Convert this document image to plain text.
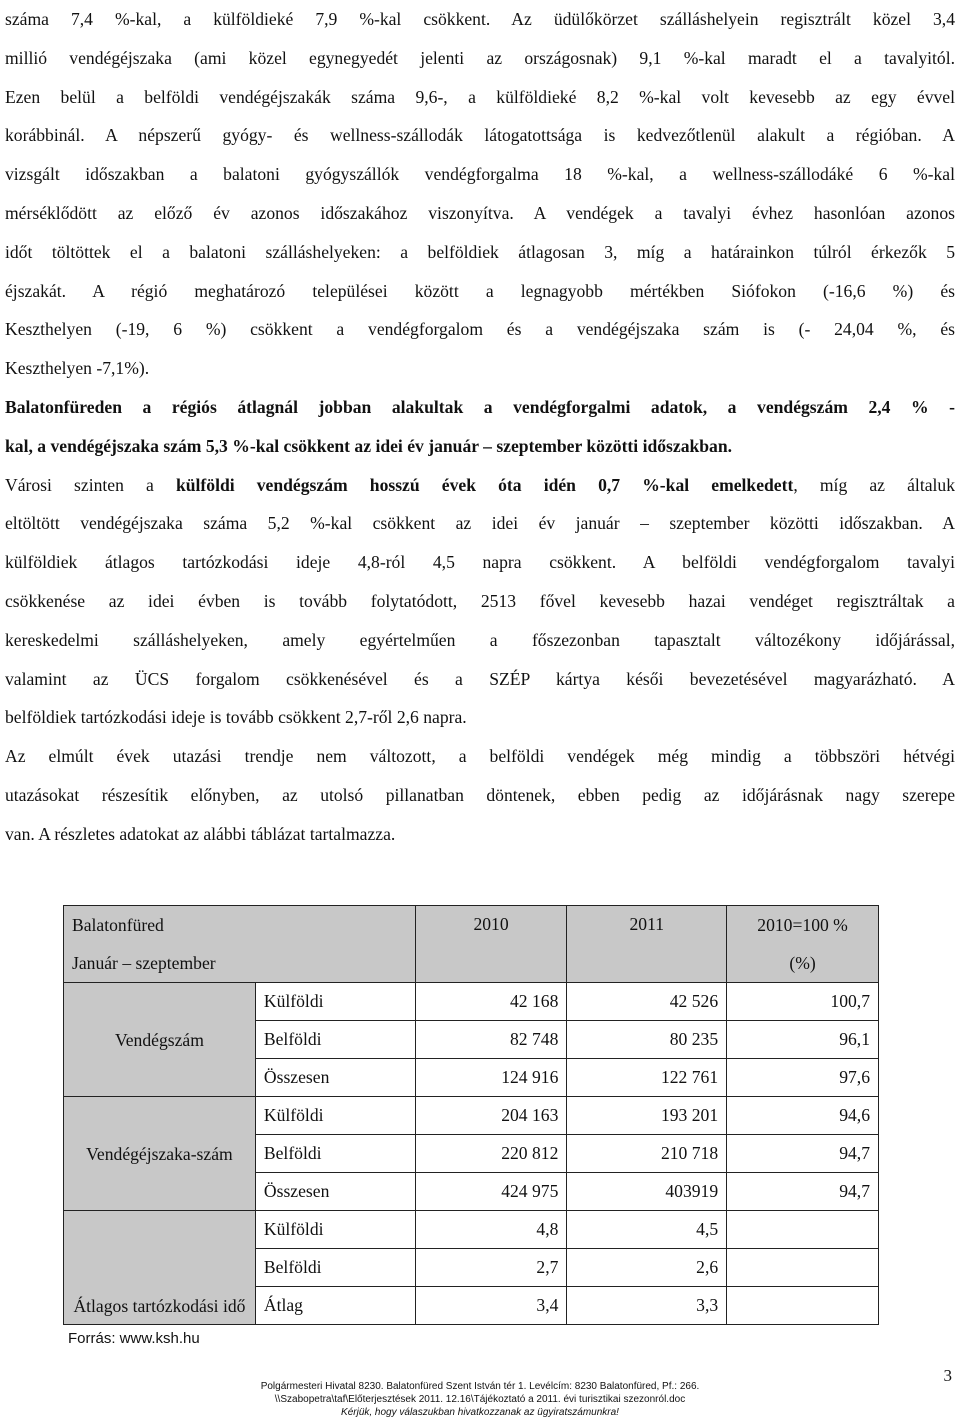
száma 7,4 %-kal, a külföldieké 7,9 %-kal csökkent. Az üdülőkörzet szálláshelyein regisztrált közel 3,4
millió vendégéjszaka (ami közel egynegyedét jelenti az országosnak) 9,1 %-kal maradt el a tavalyitól.
Ezen belül a belföldi vendégéjszakák száma 9,6-, a külföldieké 8,2 %-kal volt kevesebb az egy évvel
korábbinál. A népszerű gyógy- és wellness-szállodák látogatottsága is kedvezőtlenül alakult a régióban. A
vizsgált időszakban a balatoni gyógyszállók vendégforgalma 18 %-kal, a wellness-szállodáké 6 %-kal
mérséklődött az előző év azonos időszakához viszonyítva. A vendégek a tavalyi évhez hasonlóan azonos
időt töltöttek el a balatoni szálláshelyeken: a belföldiek átlagosan 3, míg a határainkon túlról érkezők 5
éjszakát. A régió meghatározó települései között a legnagyobb mértékben Siófokon (-16,6 %) és
Keszthelyen (-19, 6 %) csökkent a vendégforgalom és a vendégéjszaka szám is (- 24,04 %, és
Keszthelyen -7,1%).
Balatonfüreden a régiós átlagnál jobban alakultak a vendégforgalmi adatok, a vendégszám 2,4 % -
kal, a vendégéjszaka szám 5,3 %-kal csökkent az idei év január – szeptember közötti időszakban.
Városi szinten a külföldi vendégszám hosszú évek óta idén 0,7 %-kal emelkedett, míg az általuk
eltöltött vendégéjszaka száma 5,2 %-kal csökkent az idei év január – szeptember közötti időszakban. A
külföldiek átlagos tartózkodási ideje 4,8-ról 4,5 napra csökkent. A belföldi vendégforgalom tavalyi
csökkenése az idei évben is tovább folytatódott, 2513 fővel kevesebb hazai vendéget regisztráltak a
kereskedelmi szálláshelyeken, amely egyértelműen a főszezonban tapasztalt változékony időjárással,
valamint az ÜCS forgalom csökkenésével és a SZÉP kártya késői bevezetésével magyarázható. A
belföldiek tartózkodási ideje is tovább csökkent 2,7-ről 2,6 napra.
Az elmúlt évek utazási trendje nem változott, a belföldi vendégek még mindig a többszöri hétvégi
utazásokat részesítik előnyben, az utolsó pillanatban döntenek, ebben pedig az időjárásnak nagy szerepe
van. A részletes adatokat az alábbi táblázat tartalmazza.
Balatonfüred		2010	2011	2010=100 %
Január – szeptember				(%)
Vendégszám	Külföldi	42 168	42 526	100,7
	Belföldi	82 748	80 235	96,1
	Összesen	124 916	122 761	97,6
Vendégéjszaka-szám	Külföldi	204 163	193 201	94,6
	Belföldi	220 812	210 718	94,7
	Összesen	424 975	403919	94,7
Átlagos tartózkodási idő	Külföldi	4,8	4,5	
	Belföldi	2,7	2,6	
	Átlag	3,4	3,3	
Forrás: www.ksh.hu
3
Polgármesteri Hivatal 8230. Balatonfüred Szent István tér 1. Levélcím: 8230 Balatonfüred, Pf.: 266.
\\Szabopetra\taf\Előterjesztések 2011. 12.16\Tájékoztató a 2011. évi turisztikai szezonról.doc
Kérjük, hogy válaszukban hivatkozzanak az ügyiratszámunkra!
